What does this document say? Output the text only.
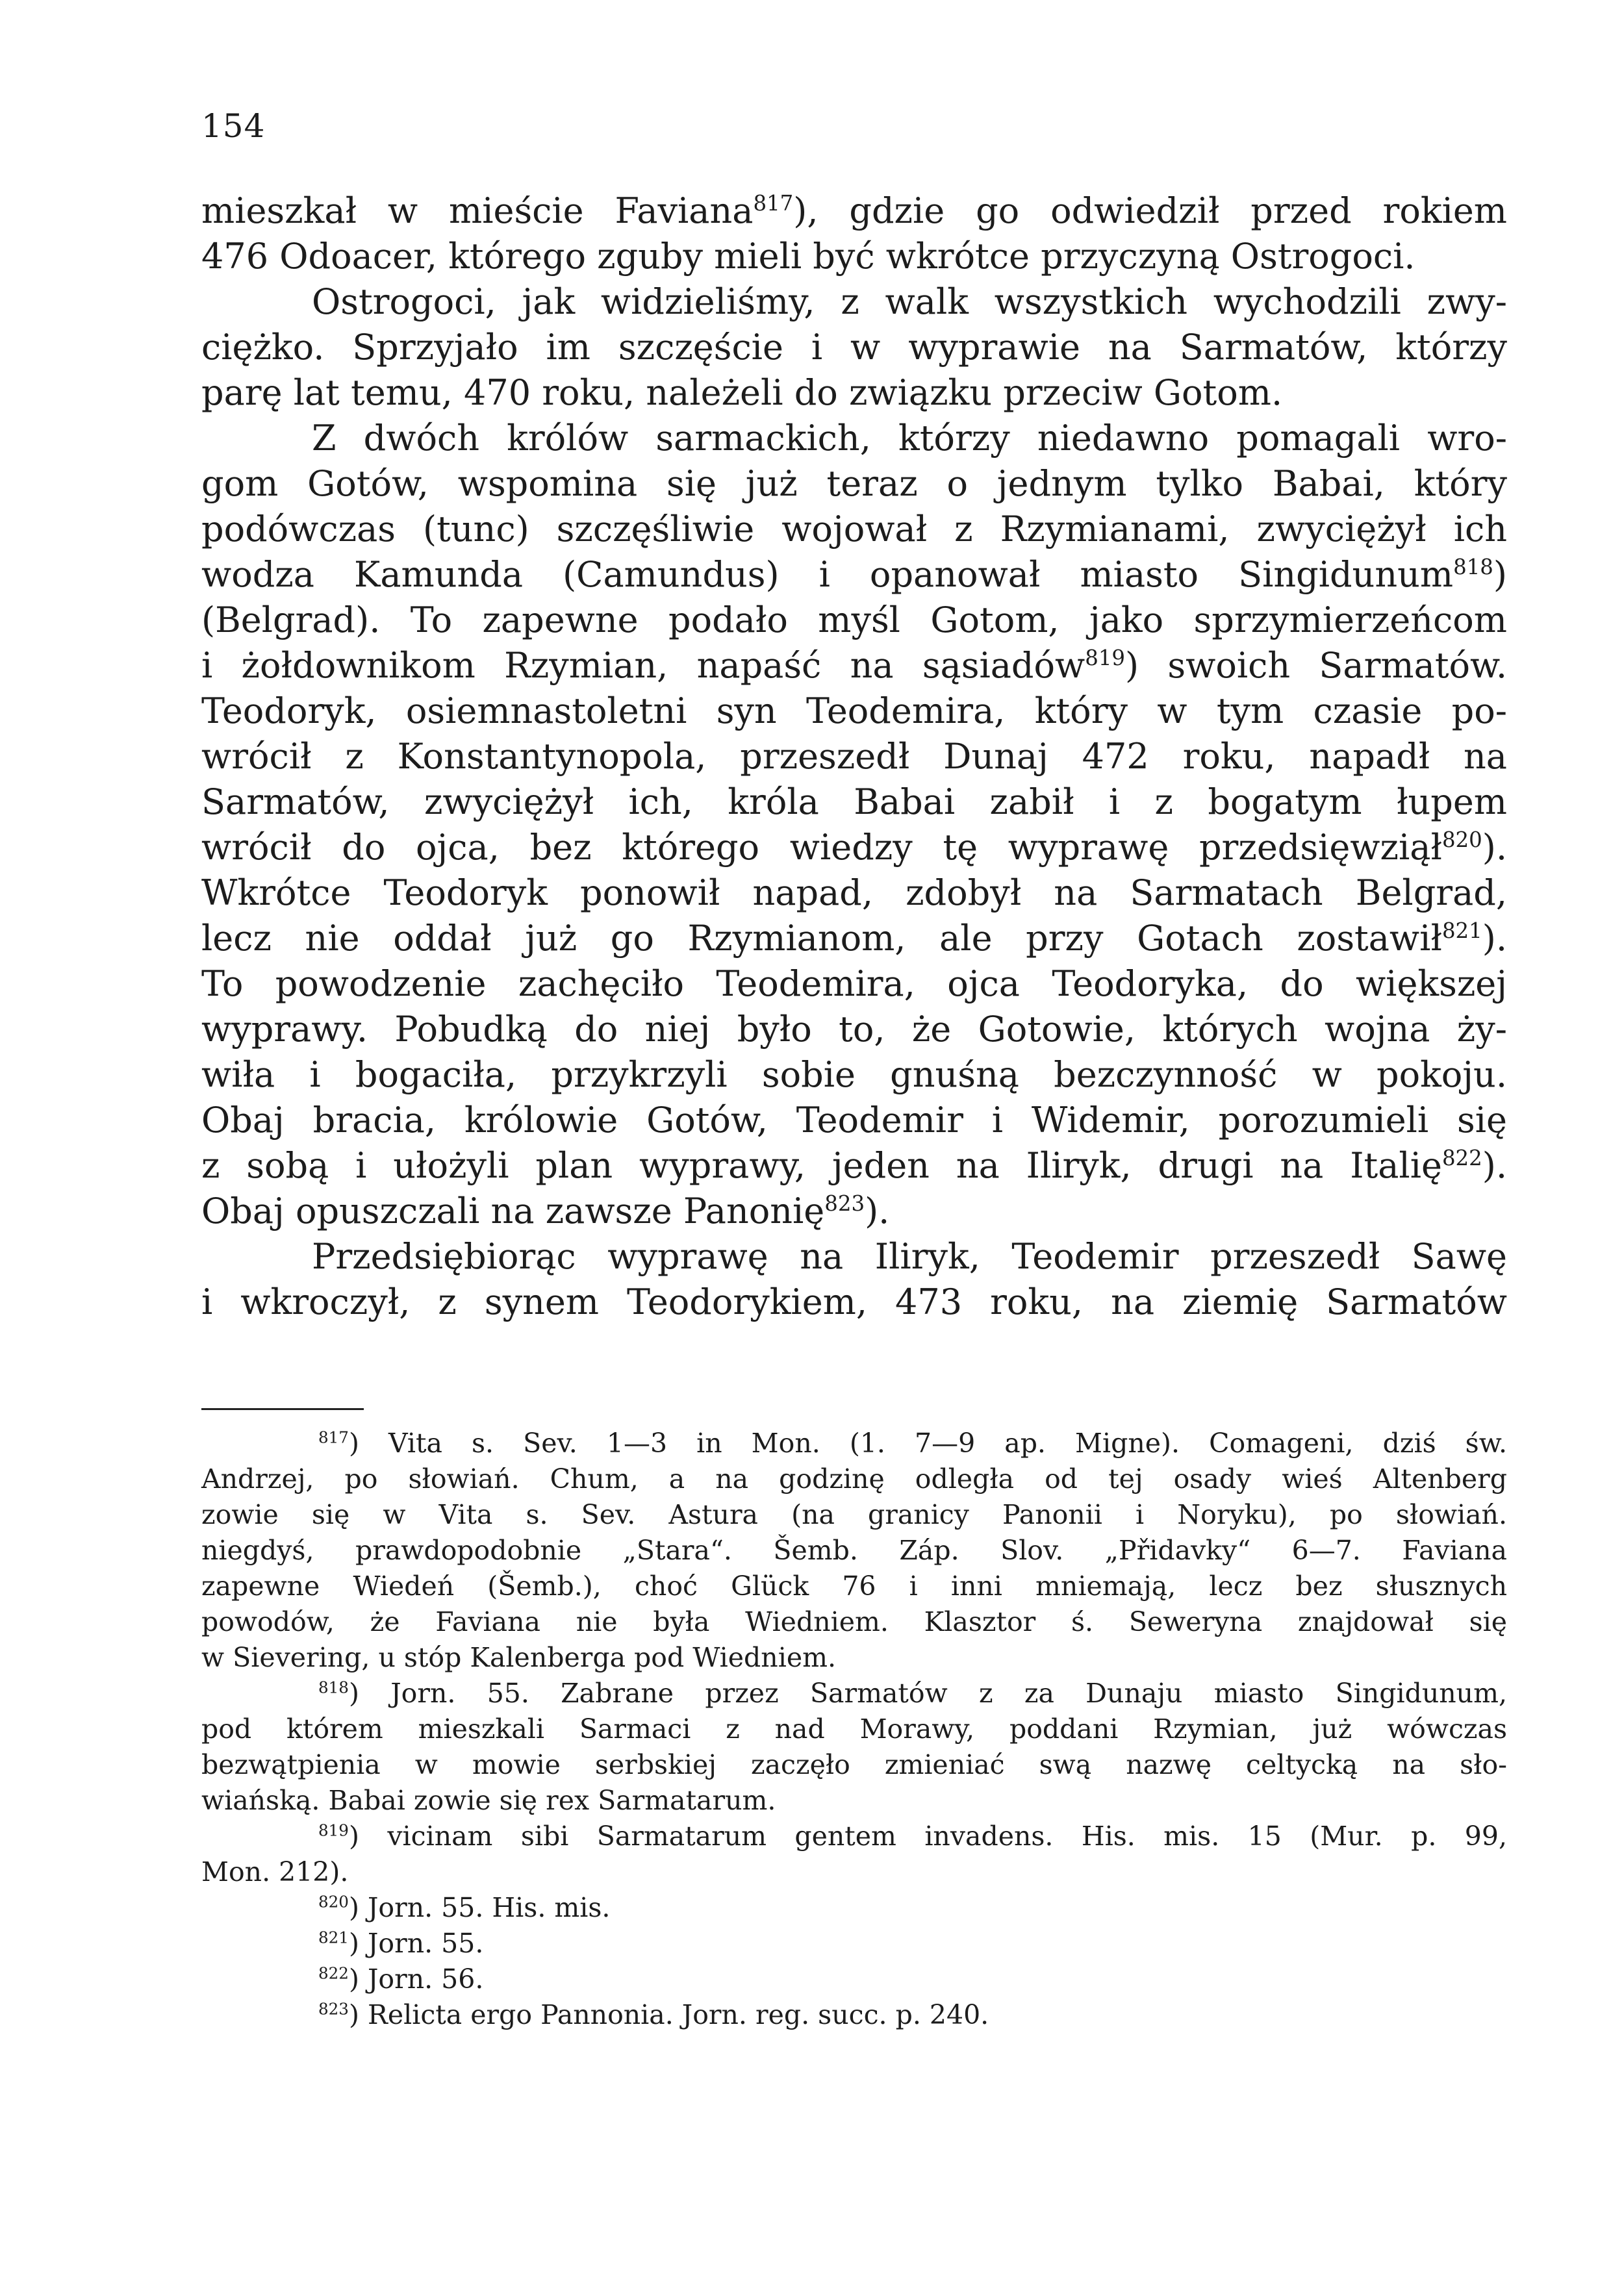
154
mieszkał w mieście Faviana$^{817}$), gdzie go odwiedził przed rokiem
476 Odoacer, którego zguby mieli być wkrótce przyczyną Ostrogoci.
Ostrogoci, jak widzieliśmy, z walk wszystkich wychodzili zwy-
ciężko. Sprzyjało im szczęście i w wyprawie na Sarmatów, którzy
parę lat temu, 470 roku, należeli do związku przeciw Gotom.
Z dwóch królów sarmackich, którzy niedawno pomagali wro-
gom Gotów, wspomina się już teraz o jednym tylko Babai, który
podówczas (tunc) szczęśliwie wojował z Rzymianami, zwyciężył ich
wodza Kamunda (Camundus) i opanował miasto Singidunum$^{818}$)
(Belgrad). To zapewne podało myśl Gotom, jako sprzymierzeńcom
i żołdownikom Rzymian, napaść na sąsiadów$^{819}$) swoich Sarmatów.
Teodoryk, osiemnastoletni syn Teodemira, który w tym czasie po-
wrócił z Konstantynopola, przeszedł Dunaj 472 roku, napadł na
Sarmatów, zwyciężył ich, króla Babai zabił i z bogatym łupem
wrócił do ojca, bez którego wiedzy tę wyprawę przedsięwziął$^{820}$).
Wkrótce Teodoryk ponowił napad, zdobył na Sarmatach Belgrad,
lecz nie oddał już go Rzymianom, ale przy Gotach zostawił$^{821}$).
To powodzenie zachęciło Teodemira, ojca Teodoryka, do większej
wyprawy. Pobudką do niej było to, że Gotowie, których wojna ży-
wiła i bogaciła, przykrzyli sobie gnuśną bezczynność w pokoju.
Obaj bracia, królowie Gotów, Teodemir i Widemir, porozumieli się
z sobą i ułożyli plan wyprawy, jeden na Iliryk, drugi na Italię$^{822}$).
Obaj opuszczali na zawsze Panonię$^{823}$).
Przedsiębiorąc wyprawę na Iliryk, Teodemir przeszedł Sawę
i wkroczył, z synem Teodorykiem, 473 roku, na ziemię Sarmatów
$^{817}$) Vita s. Sev. 1—3 in Mon. (1. 7—9 ap. Migne). Comageni, dziś św.
Andrzej, po słowiań. Chum, a na godzinę odległa od tej osady wieś Altenberg
zowie się w Vita s. Sev. Astura (na granicy Panonii i Noryku), po słowiań.
niegdyś, prawdopodobnie „Stara“. Šemb. Záp. Slov. „Přidavky“ 6—7. Faviana
zapewne Wiedeń (Šemb.), choć Glück 76 i inni mniemają, lecz bez słusznych
powodów, że Faviana nie była Wiedniem. Klasztor ś. Seweryna znajdował się
w Sievering, u stóp Kalenberga pod Wiedniem.
$^{818}$) Jorn. 55. Zabrane przez Sarmatów z za Dunaju miasto Singidunum,
pod którem mieszkali Sarmaci z nad Morawy, poddani Rzymian, już wówczas
bezwątpienia w mowie serbskiej zaczęło zmieniać swą nazwę celtycką na sło-
wiańską. Babai zowie się rex Sarmatarum.
$^{819}$) vicinam sibi Sarmatarum gentem invadens. His. mis. 15 (Mur. p. 99,
Mon. 212).
$^{820}$) Jorn. 55. His. mis.
$^{821}$) Jorn. 55.
$^{822}$) Jorn. 56.
$^{823}$) Relicta ergo Pannonia. Jorn. reg. succ. p. 240.
